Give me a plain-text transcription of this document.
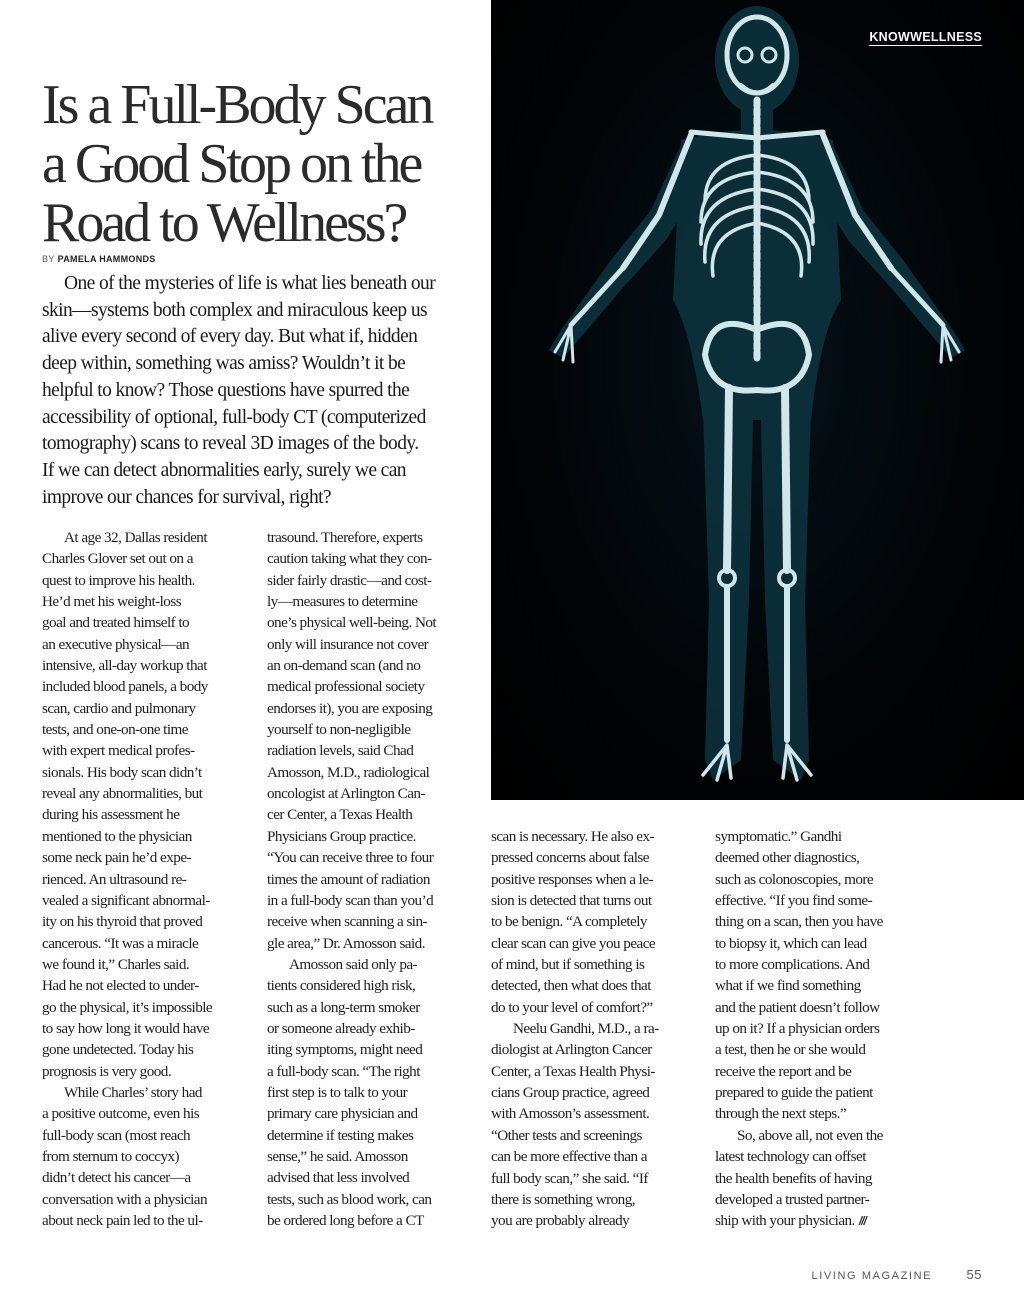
KNOWWELLNESS
Is a Full-Body Scan
a Good Stop on the
Road to Wellness?
BY PAMELA HAMMONDS
One of the mysteries of life is what lies beneath our
skin—systems both complex and miraculous keep us
alive every second of every day. But what if, hidden
deep within, something was amiss? Wouldn’t it be
helpful to know? Those questions have spurred the
accessibility of optional, full-body CT (computerized
tomography) scans to reveal 3D images of the body.
If we can detect abnormalities early, surely we can
improve our chances for survival, right?
At age 32, Dallas resident
Charles Glover set out on a
quest to improve his health.
He’d met his weight-loss
goal and treated himself to
an executive physical—an
intensive, all-day workup that
included blood panels, a body
scan, cardio and pulmonary
tests, and one-on-one time
with expert medical profes-
sionals. His body scan didn’t
reveal any abnormalities, but
during his assessment he
mentioned to the physician
some neck pain he’d expe-
rienced. An ultrasound re-
vealed a significant abnormal-
ity on his thyroid that proved
cancerous. “It was a miracle
we found it,” Charles said.
Had he not elected to under-
go the physical, it’s impossible
to say how long it would have
gone undetected. Today his
prognosis is very good.
While Charles’ story had
a positive outcome, even his
full-body scan (most reach
from sternum to coccyx)
didn’t detect his cancer—a
conversation with a physician
about neck pain led to the ul-
trasound. Therefore, experts
caution taking what they con-
sider fairly drastic—and cost-
ly—measures to determine
one’s physical well-being. Not
only will insurance not cover
an on-demand scan (and no
medical professional society
endorses it), you are exposing
yourself to non-negligible
radiation levels, said Chad
Amosson, M.D., radiological
oncologist at Arlington Can-
cer Center, a Texas Health
Physicians Group practice.
“You can receive three to four
times the amount of radiation
in a full-body scan than you’d
receive when scanning a sin-
gle area,” Dr. Amosson said.
Amosson said only pa-
tients considered high risk,
such as a long-term smoker
or someone already exhib-
iting symptoms, might need
a full-body scan. “The right
first step is to talk to your
primary care physician and
determine if testing makes
sense,” he said. Amosson
advised that less involved
tests, such as blood work, can
be ordered long before a CT
scan is necessary. He also ex-
pressed concerns about false
positive responses when a le-
sion is detected that turns out
to be benign. “A completely
clear scan can give you peace
of mind, but if something is
detected, then what does that
do to your level of comfort?”
Neelu Gandhi, M.D., a ra-
diologist at Arlington Cancer
Center, a Texas Health Physi-
cians Group practice, agreed
with Amosson’s assessment.
“Other tests and screenings
can be more effective than a
full body scan,” she said. “If
there is something wrong,
you are probably already
symptomatic.” Gandhi
deemed other diagnostics,
such as colonoscopies, more
effective. “If you find some-
thing on a scan, then you have
to biopsy it, which can lead
to more complications. And
what if we find something
and the patient doesn’t follow
up on it? If a physician orders
a test, then he or she would
receive the report and be
prepared to guide the patient
through the next steps.”
So, above all, not even the
latest technology can offset
the health benefits of having
developed a trusted partner-
ship with your physician. ///
LIVING MAGAZINE	55
